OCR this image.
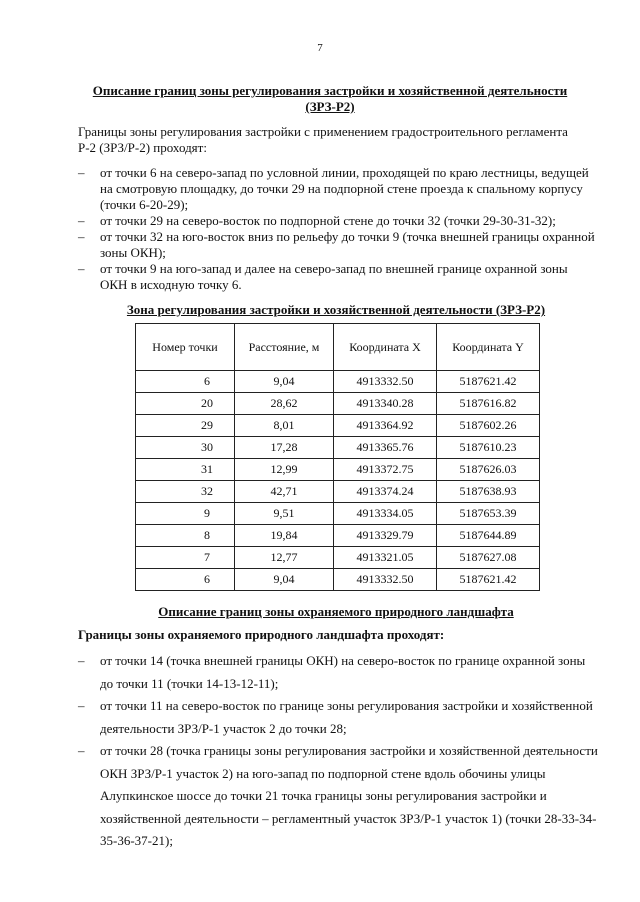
7
Описание границ зоны регулирования застройки и хозяйственной деятельности
(ЗРЗ-Р2)
Границы зоны регулирования застройки с применением градостроительного регламента Р-2 (ЗРЗ/Р-2) проходят:
– от точки 6 на северо-запад по условной линии, проходящей по краю лестницы, ведущей на смотровую площадку, до точки 29 на подпорной стене проезда к спальному корпусу (точки 6-20-29);
– от точки 29 на северо-восток по подпорной стене до точки 32 (точки 29-30-31-32);
– от точки 32 на юго-восток вниз по рельефу до точки 9 (точка внешней границы охранной зоны ОКН);
– от точки 9 на юго-запад и далее на северо-запад по внешней границе охранной зоны ОКН в исходную точку 6.
Зона регулирования застройки и хозяйственной деятельности (ЗРЗ-Р2)
Номер точки	Расстояние, м	Координата X	Координата Y
6	9,04	4913332.50	5187621.42
20	28,62	4913340.28	5187616.82
29	8,01	4913364.92	5187602.26
30	17,28	4913365.76	5187610.23
31	12,99	4913372.75	5187626.03
32	42,71	4913374.24	5187638.93
9	9,51	4913334.05	5187653.39
8	19,84	4913329.79	5187644.89
7	12,77	4913321.05	5187627.08
6	9,04	4913332.50	5187621.42
Описание границ зоны охраняемого природного ландшафта
Границы зоны охраняемого природного ландшафта проходят:
– от точки 14 (точка внешней границы ОКН) на северо-восток по границе охранной зоны до точки 11 (точки 14-13-12-11);
– от точки 11 на северо-восток по границе зоны регулирования застройки и хозяйственной деятельности ЗРЗ/Р-1 участок 2 до точки 28;
– от точки 28 (точка границы зоны регулирования застройки и хозяйственной деятельности ОКН ЗРЗ/Р-1 участок 2) на юго-запад по подпорной стене вдоль обочины улицы Алупкинское шоссе до точки 21 точка границы зоны регулирования застройки и хозяйственной деятельности – регламентный участок ЗРЗ/Р-1 участок 1) (точки 28-33-34-35-36-37-21);
